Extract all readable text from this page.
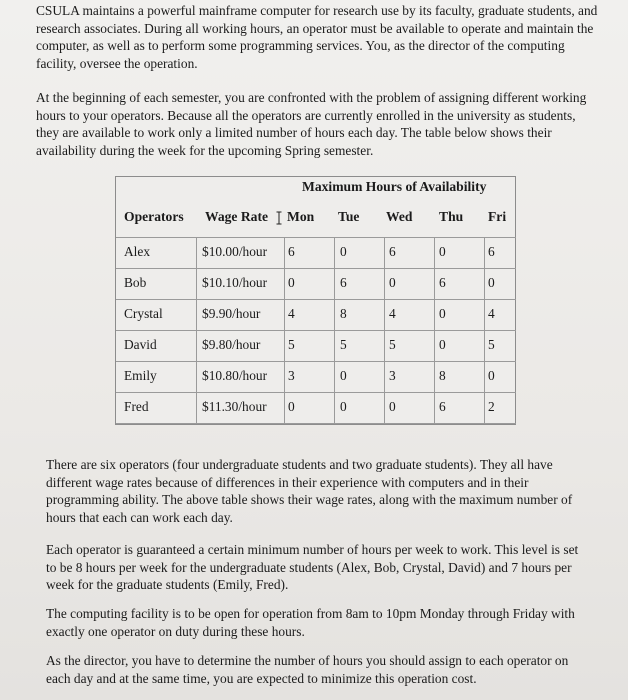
CSULA maintains a powerful mainframe computer for research use by its faculty, graduate students, and research associates. During all working hours, an operator must be available to operate and maintain the computer, as well as to perform some programming services. You, as the director of the computing facility, oversee the operation.

At the beginning of each semester, you are confronted with the problem of assigning different working hours to your operators. Because all the operators are currently enrolled in the university as students, they are available to work only a limited number of hours each day. The table below shows their availability during the week for the upcoming Spring semester.

Maximum Hours of Availability
Operators Wage Rate Mon Tue Wed Thu Fri
Alex	$10.00/hour 6	0	6	0	6
Bob	$10.10/hour 0	6	0	6	0
Crystal	$9.90/hour 4	8	4	0	4
David	$9.80/hour 5	5	5	0	5
Emily	$10.80/hour 3	0	3	8	0
Fred	$11.30/hour 0	0	0	6	2

There are six operators (four undergraduate students and two graduate students). They all have different wage rates because of differences in their experience with computers and in their programming ability. The above table shows their wage rates, along with the maximum number of hours that each can work each day.

Each operator is guaranteed a certain minimum number of hours per week to work. This level is set to be 8 hours per week for the undergraduate students (Alex, Bob, Crystal, David) and 7 hours per week for the graduate students (Emily, Fred).

The computing facility is to be open for operation from 8am to 10pm Monday through Friday with exactly one operator on duty during these hours.

As the director, you have to determine the number of hours you should assign to each operator on each day and at the same time, you are expected to minimize this operation cost.
